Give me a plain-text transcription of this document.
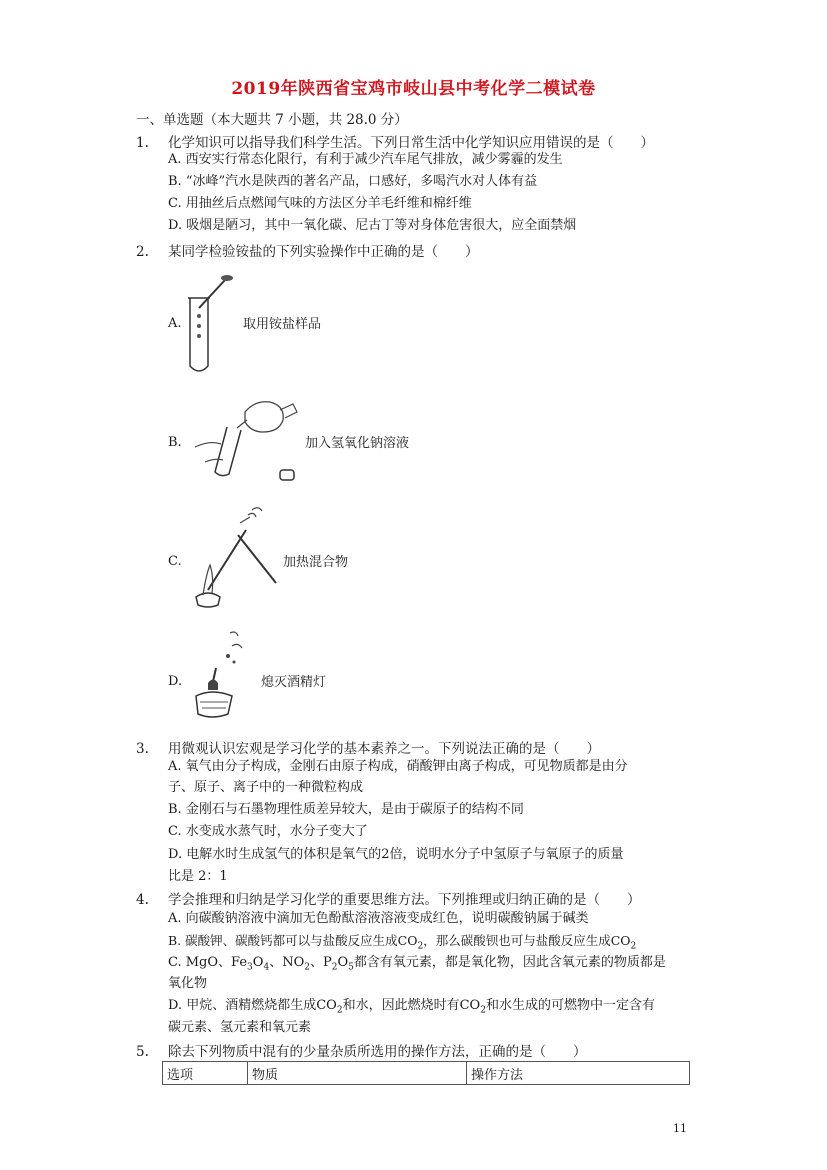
2019年陕西省宝鸡市岐山县中考化学二模试卷
一、单选题（本大题共 7 小题，共 28.0 分）
1. 化学知识可以指导我们科学生活。下列日常生活中化学知识应用错误的是（　　）
A. 西安实行常态化限行，有利于减少汽车尾气排放，减少雾霾的发生
B. “冰峰”汽水是陕西的著名产品，口感好，多喝汽水对人体有益
C. 用抽丝后点燃闻气味的方法区分羊毛纤维和棉纤维
D. 吸烟是陋习，其中一氧化碳、尼古丁等对身体危害很大，应全面禁烟
2. 某同学检验铵盐的下列实验操作中正确的是（　　）
A.	取用铵盐样品
B.	加入氢氧化钠溶液
C.	加热混合物
D.	熄灭酒精灯
3. 用微观认识宏观是学习化学的基本素养之一。下列说法正确的是（　　）
A. 氧气由分子构成，金刚石由原子构成，硝酸钾由离子构成，可见物质都是由分
子、原子、离子中的一种微粒构成
B. 金刚石与石墨物理性质差异较大，是由于碳原子的结构不同
C. 水变成水蒸气时，水分子变大了
D. 电解水时生成氢气的体积是氧气的2倍，说明水分子中氢原子与氧原子的质量
比是 2：1
4. 学会推理和归纳是学习化学的重要思维方法。下列推理或归纳正确的是（　　）
A. 向碳酸钠溶液中滴加无色酚酞溶液溶液变成红色，说明碳酸钠属于碱类
B. 碳酸钾、碳酸钙都可以与盐酸反应生成$CO_2$，那么碳酸钡也可与盐酸反应生成$CO_2$
C. MgO、$Fe_3O_4$、$NO_2$、$P_2O_5$都含有氧元素，都是氧化物，因此含氧元素的物质都是
氧化物
D. 甲烷、酒精燃烧都生成$CO_2$和水，因此燃烧时有$CO_2$和水生成的可燃物中一定含有
碳元素、氢元素和氧元素
5. 除去下列物质中混有的少量杂质所选用的操作方法，正确的是（　　）
选项	物质	操作方法
11
